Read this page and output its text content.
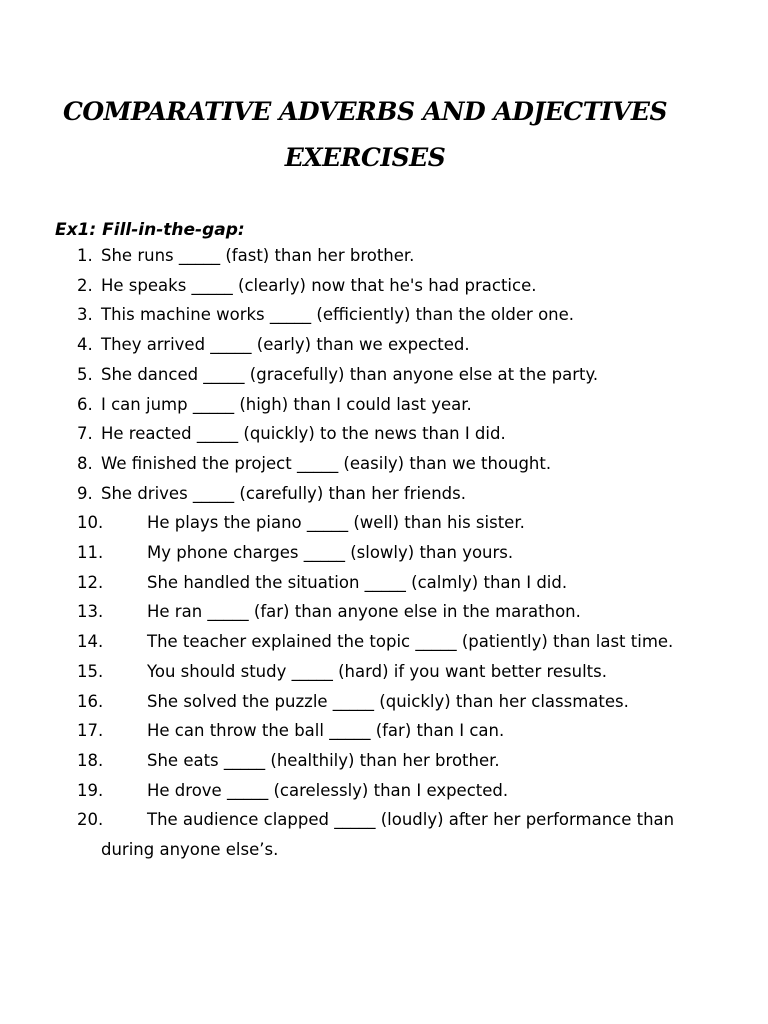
COMPARATIVE ADVERBS AND ADJECTIVES
EXERCISES
Ex1: Fill-in-the-gap:
1. She runs _____ (fast) than her brother.
2. He speaks _____ (clearly) now that he's had practice.
3. This machine works _____ (efficiently) than the older one.
4. They arrived _____ (early) than we expected.
5. She danced _____ (gracefully) than anyone else at the party.
6. I can jump _____ (high) than I could last year.
7. He reacted _____ (quickly) to the news than I did.
8. We finished the project _____ (easily) than we thought.
9. She drives _____ (carefully) than her friends.
10.	He plays the piano _____ (well) than his sister.
11.	My phone charges _____ (slowly) than yours.
12.	She handled the situation _____ (calmly) than I did.
13.	He ran _____ (far) than anyone else in the marathon.
14.	The teacher explained the topic _____ (patiently) than last time.
15.	You should study _____ (hard) if you want better results.
16.	She solved the puzzle _____ (quickly) than her classmates.
17.	He can throw the ball _____ (far) than I can.
18.	She eats _____ (healthily) than her brother.
19.	He drove _____ (carelessly) than I expected.
20.	The audience clapped _____ (loudly) after her performance than during anyone else’s.
